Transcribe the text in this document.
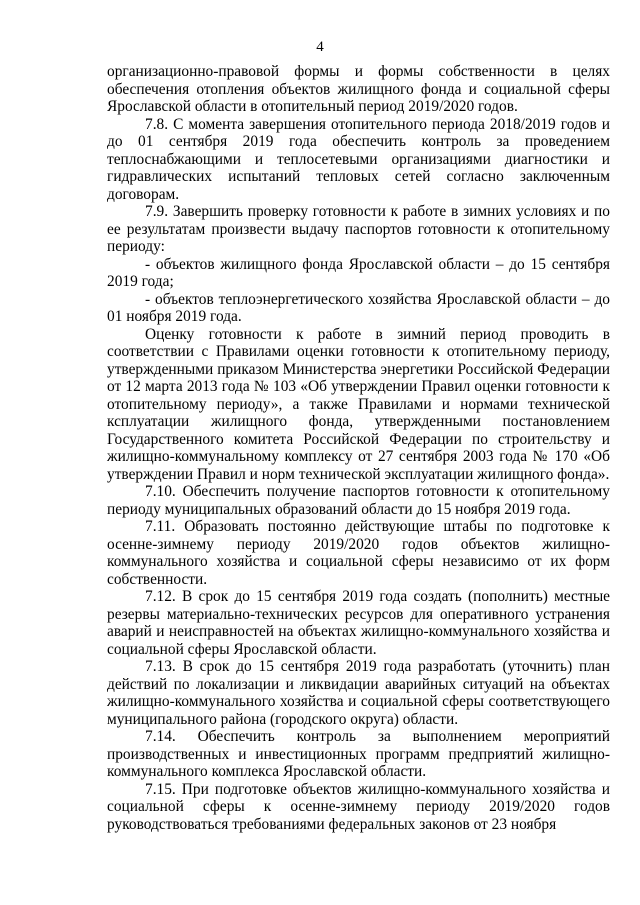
4

организационно-правовой формы и формы собственности в целях обеспечения отопления объектов жилищного фонда и социальной сферы Ярославской области в отопительный период 2019/2020 годов.

7.8. С момента завершения отопительного периода 2018/2019 годов и до 01 сентября 2019 года обеспечить контроль за проведением теплоснабжающими и теплосетевыми организациями диагностики и гидравлических испытаний тепловых сетей согласно заключенным договорам.

7.9. Завершить проверку готовности к работе в зимних условиях и по ее результатам произвести выдачу паспортов готовности к отопительному периоду:

- объектов жилищного фонда Ярославской области – до 15 сентября 2019 года;

- объектов теплоэнергетического хозяйства Ярославской области – до 01 ноября 2019 года.

Оценку готовности к работе в зимний период проводить в соответствии с Правилами оценки готовности к отопительному периоду, утвержденными приказом Министерства энергетики Российской Федерации от 12 марта 2013 года № 103 «Об утверждении Правил оценки готовности к отопительному периоду», а также Правилами и нормами технической ксплуатации жилищного фонда, утвержденными постановлением Государственного комитета Российской Федерации по строительству и жилищно-коммунальному комплексу от 27 сентября 2003 года № 170 «Об утверждении Правил и норм технической эксплуатации жилищного фонда».

7.10. Обеспечить получение паспортов готовности к отопительному периоду муниципальных образований области до 15 ноября 2019 года.

7.11. Образовать постоянно действующие штабы по подготовке к осенне-зимнему периоду 2019/2020 годов объектов жилищно-коммунального хозяйства и социальной сферы независимо от их форм собственности.

7.12. В срок до 15 сентября 2019 года создать (пополнить) местные резервы материально-технических ресурсов для оперативного устранения аварий и неисправностей на объектах жилищно-коммунального хозяйства и социальной сферы Ярославской области.

7.13. В срок до 15 сентября 2019 года разработать (уточнить) план действий по локализации и ликвидации аварийных ситуаций на объектах жилищно-коммунального хозяйства и социальной сферы соответствующего муниципального района (городского округа) области.

7.14. Обеспечить контроль за выполнением мероприятий производственных и инвестиционных программ предприятий жилищно-коммунального комплекса Ярославской области.

7.15. При подготовке объектов жилищно-коммунального хозяйства и социальной сферы к осенне-зимнему периоду 2019/2020 годов руководствоваться требованиями федеральных законов от 23 ноября
